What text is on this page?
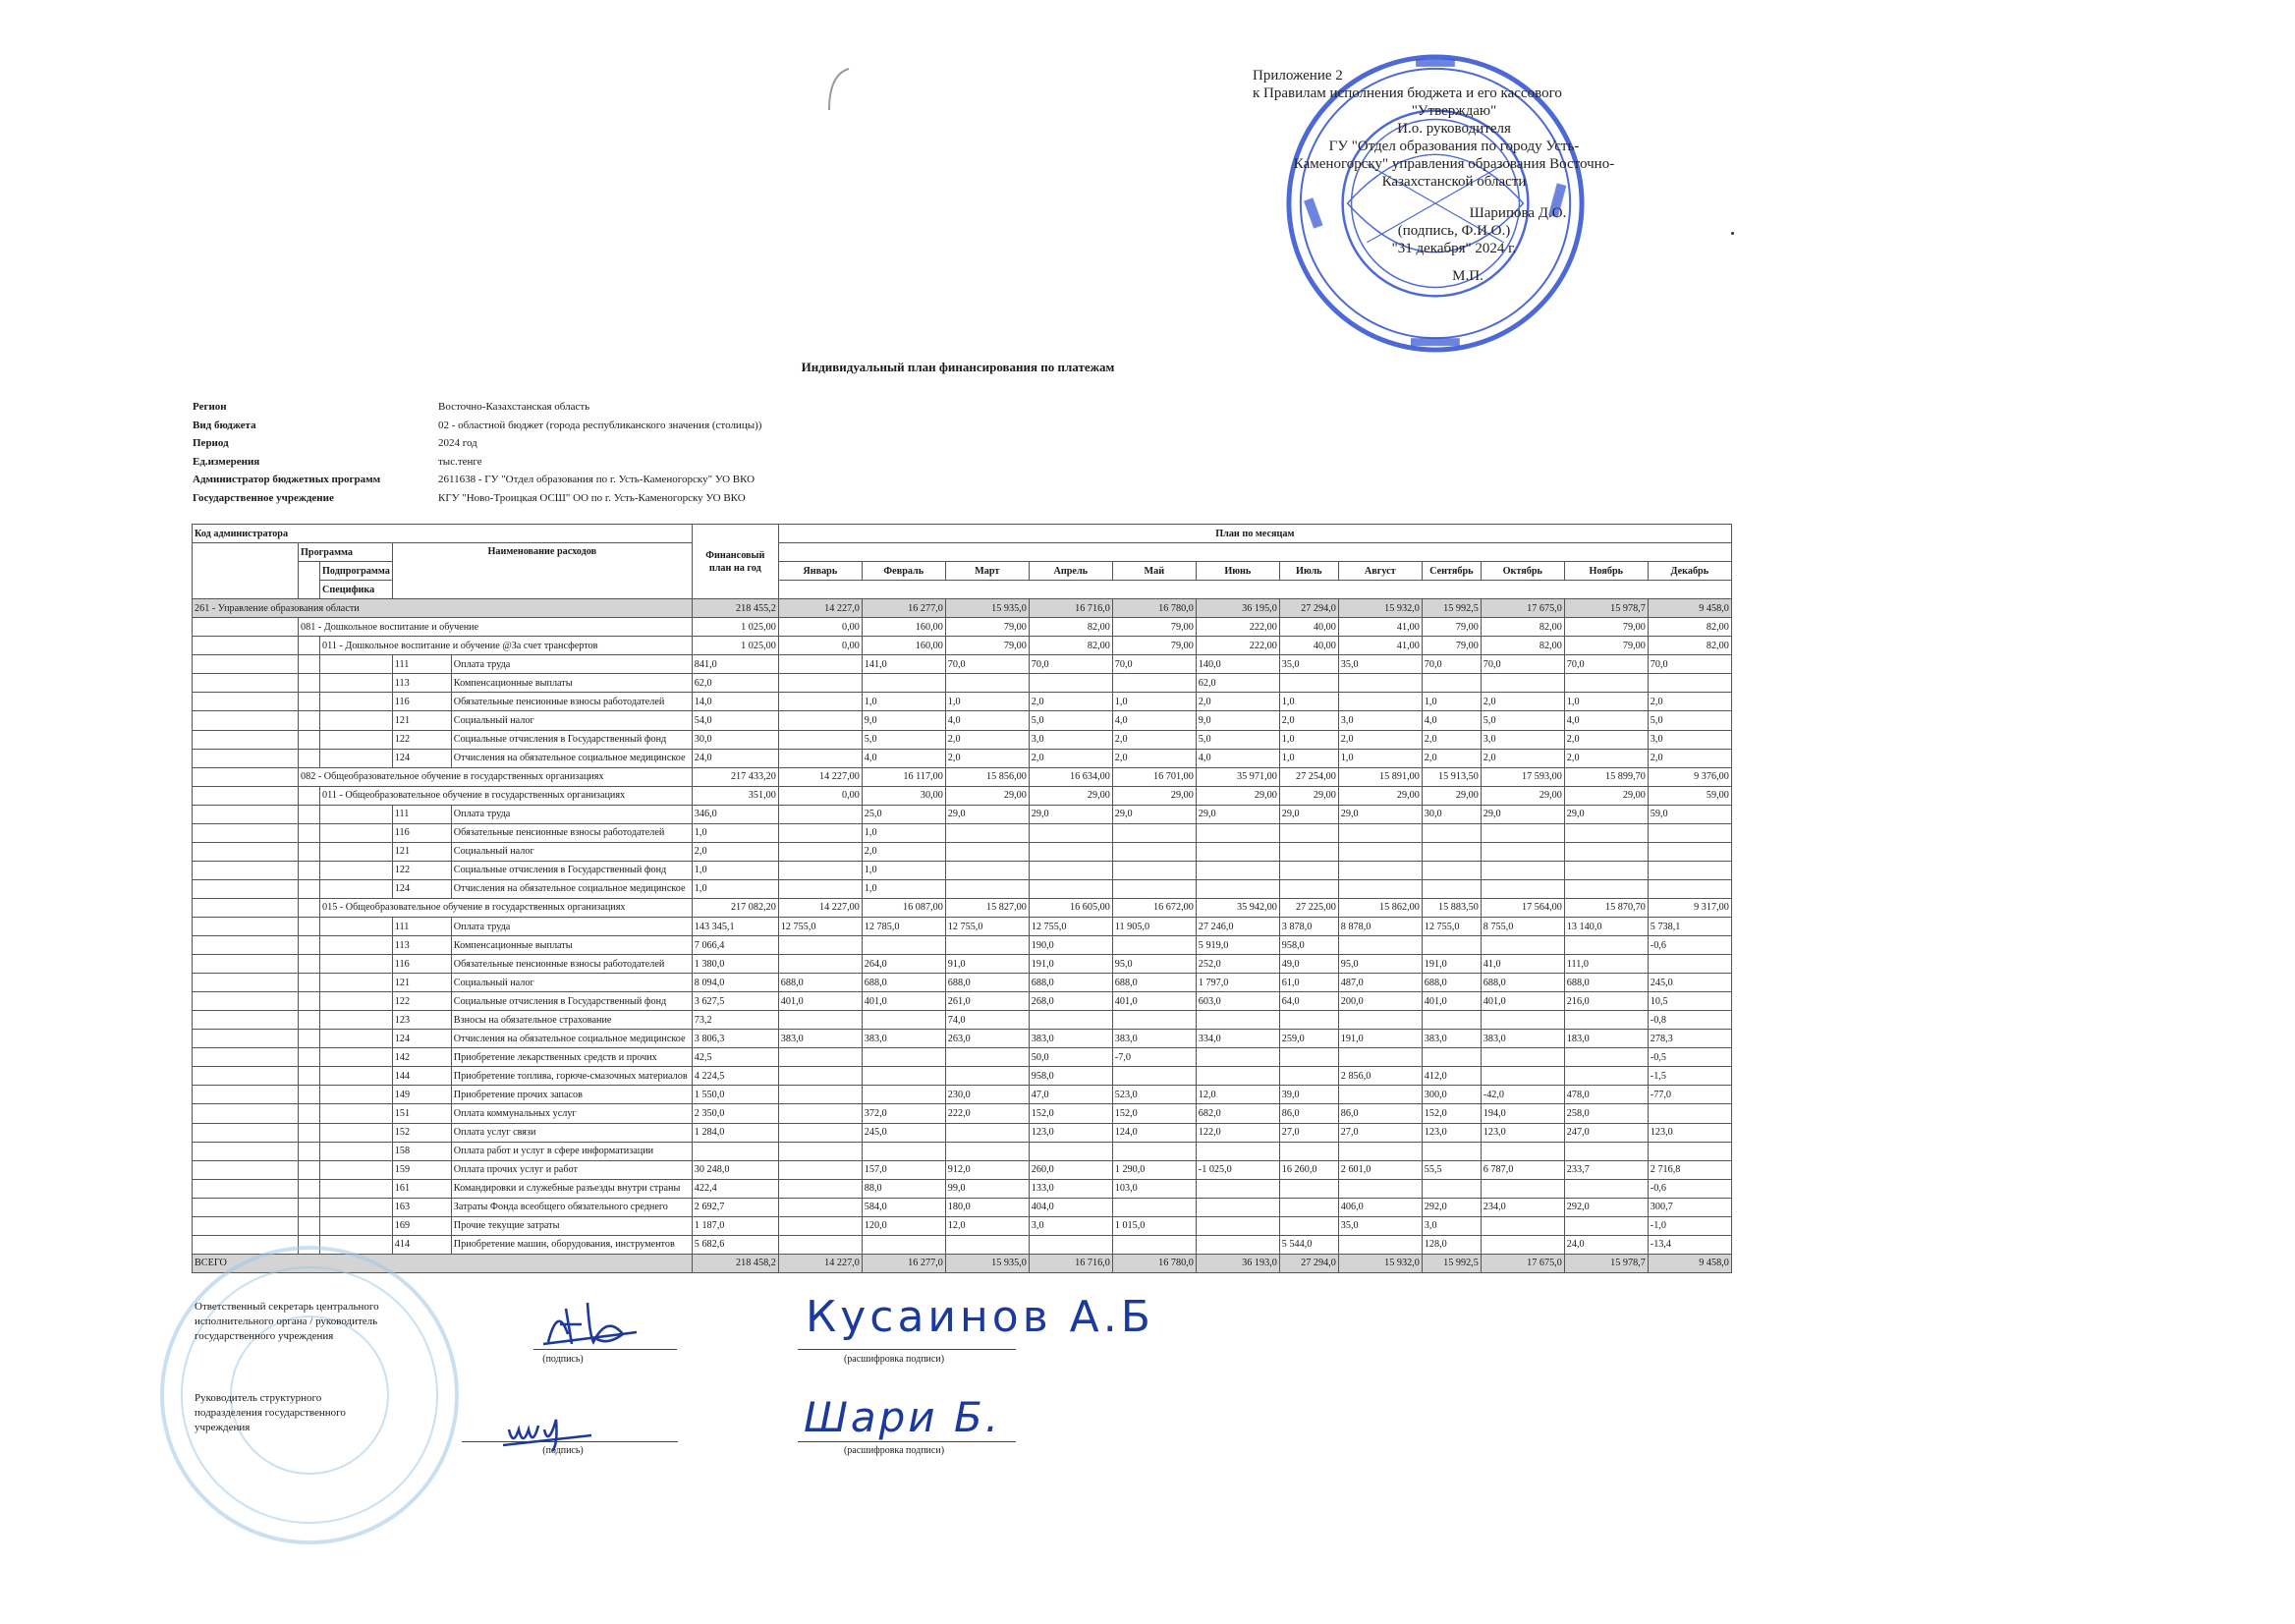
Приложение 2
к Правилам исполнения бюджета и его кассового
"Утверждаю"
И.о. руководителя
ГУ "Отдел образования по городу Усть-
Каменогорску" управления образования Восточно-
Казахстанской области
Шарипова Д.О.
(подпись, Ф.И.О.)
"31 декабря" 2024 г.
М.П.
Индивидуальный план финансирования по платежам
Регион	Восточно-Казахстанская область
Вид бюджета	02 - областной бюджет (города республиканского значения (столицы))
Период	2024 год
Ед.измерения	тыс.тенге
Администратор бюджетных программ	2611638 - ГУ "Отдел образования по г. Усть-Каменогорску" УО ВКО
Государственное учреждение	КГУ "Ново-Троицкая ОСШ" ОО по г. Усть-Каменогорску УО ВКО
Код администратора					Финансовый план на год	План по месяцам											
	Программа		Наименование расходов														
		Подпрограмма				Январь	Февраль	Март	Апрель	Май	Июнь	Июль	Август	Сентябрь	Октябрь	Ноябрь	Декабрь
		Специфика															
261 - Управление образования области					218 455,2	14 227,0	16 277,0	15 935,0	16 716,0	16 780,0	36 195,0	27 294,0	15 932,0	15 992,5	17 675,0	15 978,7	9 458,0
	081 - Дошкольное воспитание и обучение				1 025,00	0,00	160,00	79,00	82,00	79,00	222,00	40,00	41,00	79,00	82,00	79,00	82,00
		011 - Дошкольное воспитание и обучение @За счет трансфертов			1 025,00	0,00	160,00	79,00	82,00	79,00	222,00	40,00	41,00	79,00	82,00	79,00	82,00
			111	Оплата труда	841,0		141,0	70,0	70,0	70,0	140,0	35,0	35,0	70,0	70,0	70,0	70,0
			113	Компенсационные выплаты	62,0						62,0						
			116	Обязательные пенсионные взносы работодателей	14,0		1,0	1,0	2,0	1,0	2,0	1,0		1,0	2,0	1,0	2,0
			121	Социальный налог	54,0		9,0	4,0	5,0	4,0	9,0	2,0	3,0	4,0	5,0	4,0	5,0
			122	Социальные отчисления в Государственный фонд	30,0		5,0	2,0	3,0	2,0	5,0	1,0	2,0	2,0	3,0	2,0	3,0
			124	Отчисления на обязательное социальное медицинское	24,0		4,0	2,0	2,0	2,0	4,0	1,0	1,0	2,0	2,0	2,0	2,0
	082 - Общеобразовательное обучение в государственных организациях				217 433,20	14 227,00	16 117,00	15 856,00	16 634,00	16 701,00	35 971,00	27 254,00	15 891,00	15 913,50	17 593,00	15 899,70	9 376,00
		011 - Общеобразовательное обучение в государственных организациях			351,00	0,00	30,00	29,00	29,00	29,00	29,00	29,00	29,00	29,00	29,00	29,00	59,00
			111	Оплата труда	346,0		25,0	29,0	29,0	29,0	29,0	29,0	29,0	30,0	29,0	29,0	59,0
			116	Обязательные пенсионные взносы работодателей	1,0		1,0										
			121	Социальный налог	2,0		2,0										
			122	Социальные отчисления в Государственный фонд	1,0		1,0										
			124	Отчисления на обязательное социальное медицинское	1,0		1,0										
		015 - Общеобразовательное обучение в государственных организациях			217 082,20	14 227,00	16 087,00	15 827,00	16 605,00	16 672,00	35 942,00	27 225,00	15 862,00	15 883,50	17 564,00	15 870,70	9 317,00
			111	Оплата труда	143 345,1	12 755,0	12 785,0	12 755,0	12 755,0	11 905,0	27 246,0	3 878,0	8 878,0	12 755,0	8 755,0	13 140,0	5 738,1
			113	Компенсационные выплаты	7 066,4				190,0		5 919,0	958,0					-0,6
			116	Обязательные пенсионные взносы работодателей	1 380,0		264,0	91,0	191,0	95,0	252,0	49,0	95,0	191,0	41,0	111,0	
			121	Социальный налог	8 094,0	688,0	688,0	688,0	688,0	688,0	1 797,0	61,0	487,0	688,0	688,0	688,0	245,0
			122	Социальные отчисления в Государственный фонд	3 627,5	401,0	401,0	261,0	268,0	401,0	603,0	64,0	200,0	401,0	401,0	216,0	10,5
			123	Взносы на обязательное страхование	73,2			74,0									-0,8
			124	Отчисления на обязательное социальное медицинское	3 806,3	383,0	383,0	263,0	383,0	383,0	334,0	259,0	191,0	383,0	383,0	183,0	278,3
			142	Приобретение лекарственных средств и прочих	42,5				50,0	-7,0							-0,5
			144	Приобретение топлива, горюче-смазочных материалов	4 224,5				958,0				2 856,0	412,0			-1,5
			149	Приобретение прочих запасов	1 550,0			230,0	47,0	523,0	12,0	39,0		300,0	-42,0	478,0	-77,0
			151	Оплата коммунальных услуг	2 350,0		372,0	222,0	152,0	152,0	682,0	86,0	86,0	152,0	194,0	258,0	
			152	Оплата услуг связи	1 284,0		245,0		123,0	124,0	122,0	27,0	27,0	123,0	123,0	247,0	123,0
			158	Оплата работ и услуг в сфере информатизации													
			159	Оплата прочих услуг и работ	30 248,0		157,0	912,0	260,0	1 290,0	-1 025,0	16 260,0	2 601,0	55,5	6 787,0	233,7	2 716,8
			161	Командировки и служебные разъезды внутри страны	422,4		88,0	99,0	133,0	103,0							-0,6
			163	Затраты Фонда всеобщего обязательного среднего	2 692,7		584,0	180,0	404,0				406,0	292,0	234,0	292,0	300,7
			169	Прочие текущие затраты	1 187,0		120,0	12,0	3,0	1 015,0			35,0	3,0			-1,0
			414	Приобретение машин, оборудования, инструментов	5 682,6							5 544,0		128,0		24,0	-13,4
ВСЕГО					218 458,2	14 227,0	16 277,0	15 935,0	16 716,0	16 780,0	36 193,0	27 294,0	15 932,0	15 992,5	17 675,0	15 978,7	9 458,0
Ответственный секретарь центрального исполнительного органа / руководитель государственного учреждения
(подпись)	(расшифровка подписи)
Кусаинов А.Б
Руководитель структурного подразделения государственного учреждения
(подпись)	(расшифровка подписи)
Шари Б.
